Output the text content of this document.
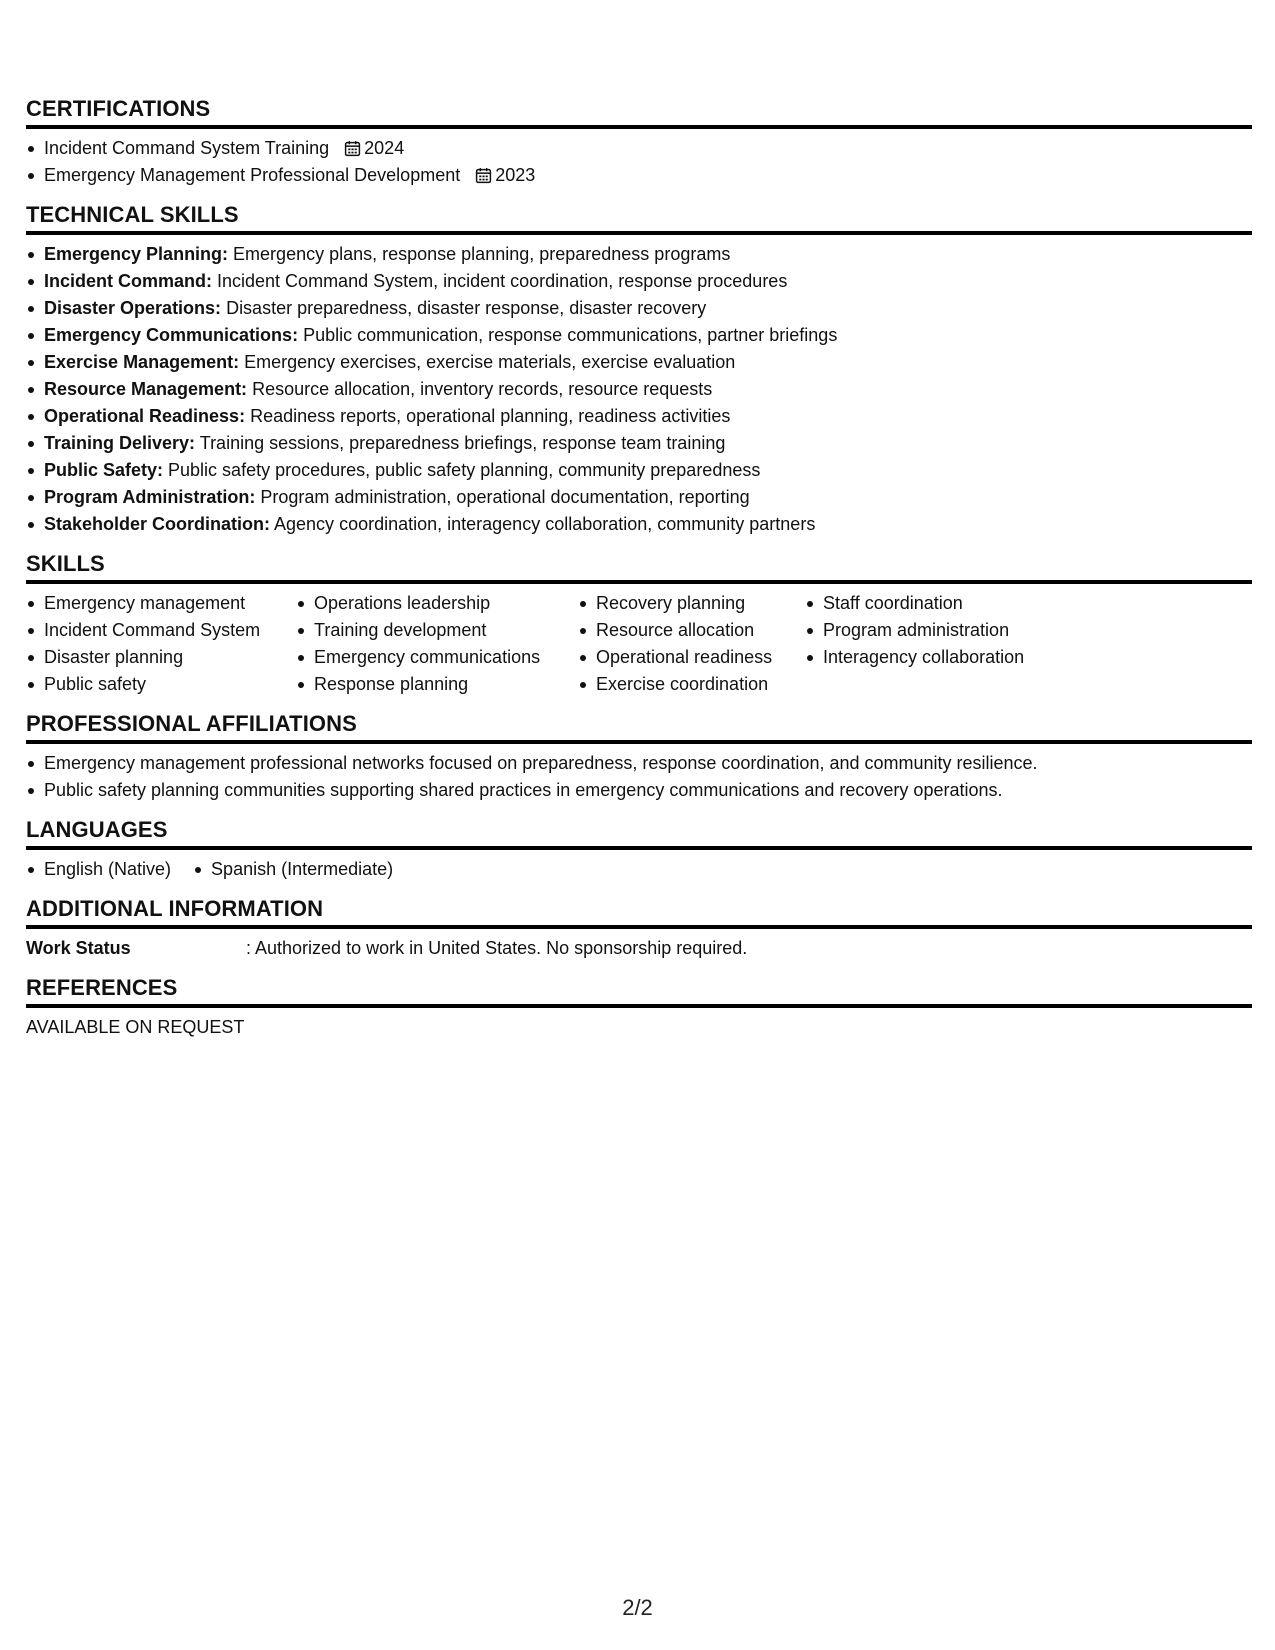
CERTIFICATIONS
Incident Command System Training 2024
Emergency Management Professional Development 2023
TECHNICAL SKILLS
Emergency Planning: Emergency plans, response planning, preparedness programs
Incident Command: Incident Command System, incident coordination, response procedures
Disaster Operations: Disaster preparedness, disaster response, disaster recovery
Emergency Communications: Public communication, response communications, partner briefings
Exercise Management: Emergency exercises, exercise materials, exercise evaluation
Resource Management: Resource allocation, inventory records, resource requests
Operational Readiness: Readiness reports, operational planning, readiness activities
Training Delivery: Training sessions, preparedness briefings, response team training
Public Safety: Public safety procedures, public safety planning, community preparedness
Program Administration: Program administration, operational documentation, reporting
Stakeholder Coordination: Agency coordination, interagency collaboration, community partners
SKILLS
Emergency management
Incident Command System
Disaster planning
Public safety
Operations leadership
Training development
Emergency communications
Response planning
Recovery planning
Resource allocation
Operational readiness
Exercise coordination
Staff coordination
Program administration
Interagency collaboration
PROFESSIONAL AFFILIATIONS
Emergency management professional networks focused on preparedness, response coordination, and community resilience.
Public safety planning communities supporting shared practices in emergency communications and recovery operations.
LANGUAGES
English (Native)	Spanish (Intermediate)
ADDITIONAL INFORMATION
Work Status	: Authorized to work in United States. No sponsorship required.
REFERENCES
AVAILABLE ON REQUEST
2/2
